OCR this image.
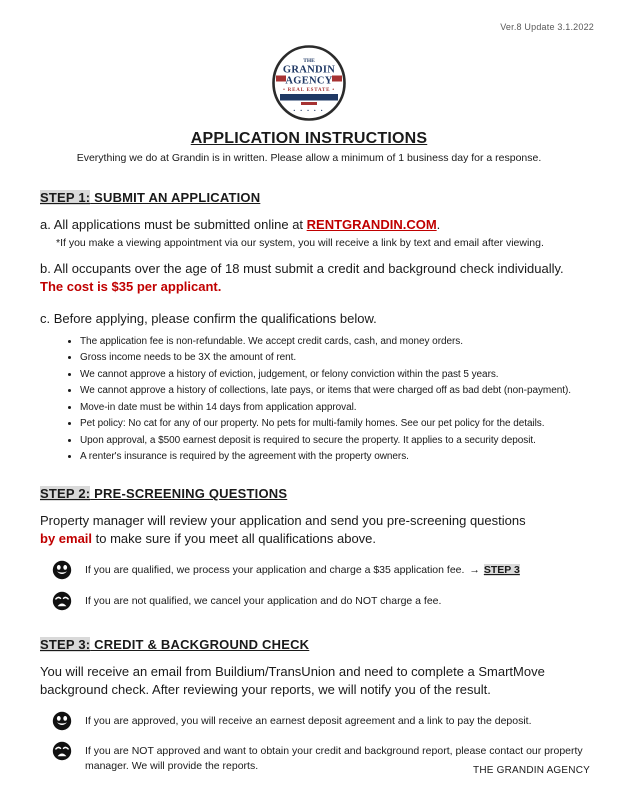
Ver.8 Update 3.1.2022
THE
GRANDIN
AGENCY
• REAL ESTATE •
• • • • •
APPLICATION INSTRUCTIONS

Everything we do at Grandin is in written. Please allow a minimum of 1 business day for a response.

STEP 1: SUBMIT AN APPLICATION

a. All applications must be submitted online at RENTGRANDIN.COM.

*If you make a viewing appointment via our system, you will receive a link by text and email after viewing.

b. All occupants over the age of 18 must submit a credit and background check individually.
The cost is $35 per applicant.

c. Before applying, please confirm the qualifications below.

• The application fee is non-refundable. We accept credit cards, cash, and money orders.
• Gross income needs to be 3X the amount of rent.
• We cannot approve a history of eviction, judgement, or felony conviction within the past 5 years.
• We cannot approve a history of collections, late pays, or items that were charged off as bad debt (non-payment).
• Move-in date must be within 14 days from application approval.
• Pet policy: No cat for any of our property. No pets for multi-family homes. See our pet policy for the details.
• Upon approval, a $500 earnest deposit is required to secure the property. It applies to a security deposit.
• A renter's insurance is required by the agreement with the property owners.
STEP 2: PRE-SCREENING QUESTIONS

Property manager will review your application and send you pre-screening questions
by email to make sure if you meet all qualifications above.

If you are qualified, we process your application and charge a $35 application fee. → STEP 3
If you are not qualified, we cancel your application and do NOT charge a fee.
STEP 3: CREDIT & BACKGROUND CHECK

You will receive an email from Buildium/TransUnion and need to complete a SmartMove background check. After reviewing your reports, we will notify you of the result.

If you are approved, you will receive an earnest deposit agreement and a link to pay the deposit.
If you are NOT approved and want to obtain your credit and background report, please contact our property manager. We will provide the reports.	THE GRANDIN AGENCY
